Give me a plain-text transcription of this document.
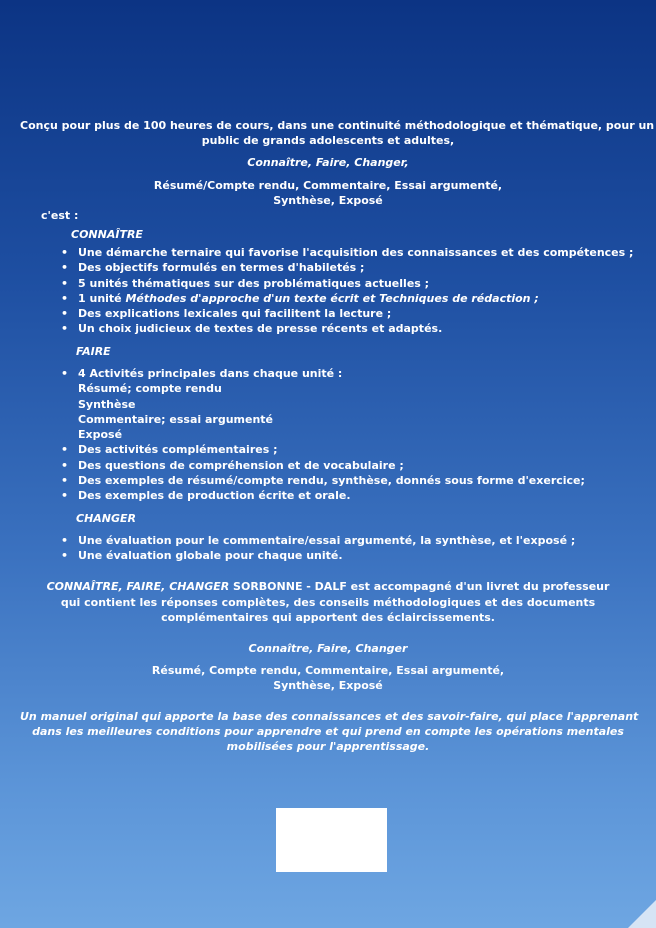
Conçu pour plus de 100 heures de cours, dans une continuité méthodologique et thématique, pour un

public de grands adolescents et adultes,

Connaître, Faire, Changer,

Résumé/Compte rendu, Commentaire, Essai argumenté,

Synthèse, Exposé

c'est :

CONNAÎTRE

• Une démarche ternaire qui favorise l'acquisition des connaissances et des compétences ;
• Des objectifs formulés en termes d'habiletés ;
• 5 unités thématiques sur des problématiques actuelles ;
• 1 unité Méthodes d'approche d'un texte écrit et Techniques de rédaction ;
• Des explications lexicales qui facilitent la lecture ;
• Un choix judicieux de textes de presse récents et adaptés.

FAIRE

• 4 Activités principales dans chaque unité :
Résumé; compte rendu
Synthèse
Commentaire; essai argumenté
Exposé
• Des activités complémentaires ;
• Des questions de compréhension et de vocabulaire ;
• Des exemples de résumé/compte rendu, synthèse, donnés sous forme d'exercice;
• Des exemples de production écrite et orale.

CHANGER

• Une évaluation pour le commentaire/essai argumenté, la synthèse, et l'exposé ;
• Une évaluation globale pour chaque unité.

CONNAÎTRE, FAIRE, CHANGER SORBONNE - DALF est accompagné d'un livret du professeur

qui contient les réponses complètes, des conseils méthodologiques et des documents

complémentaires qui apportent des éclaircissements.

Connaître, Faire, Changer

Résumé, Compte rendu, Commentaire, Essai argumenté,

Synthèse, Exposé

Un manuel original qui apporte la base des connaissances et des savoir-faire, qui place l'apprenant

dans les meilleures conditions pour apprendre et qui prend en compte les opérations mentales

mobilisées pour l'apprentissage.
